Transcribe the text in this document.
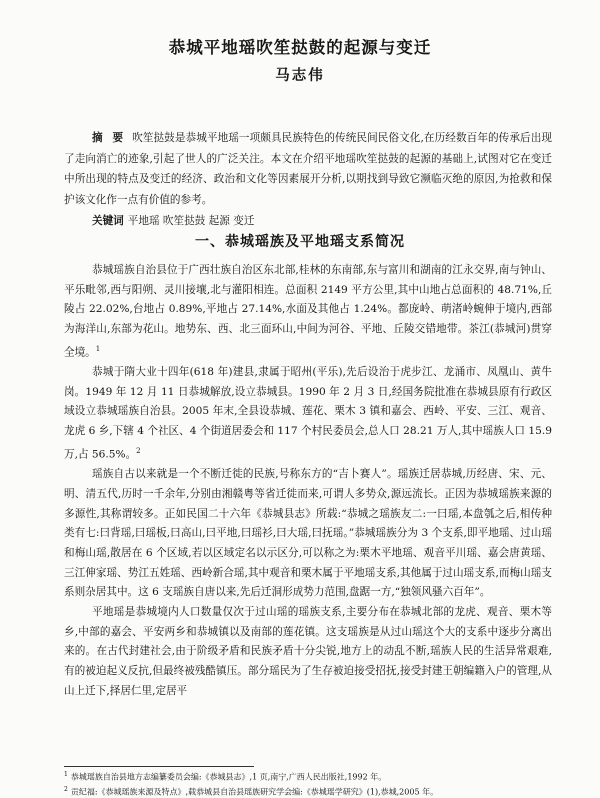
恭城平地瑶吹笙挞鼓的起源与变迁
马志伟
摘 要 吹笙挞鼓是恭城平地瑶一项颇具民族特色的传统民间民俗文化,在历经数百年的传承后出现了走向消亡的迹象,引起了世人的广泛关注。本文在介绍平地瑶吹笙挞鼓的起源的基础上,试图对它在变迁中所出现的特点及变迁的经济、政治和文化等因素展开分析,以期找到导致它濒临灭绝的原因,为抢救和保护该文化作一点有价值的参考。
关键词 平地瑶 吹笙挞鼓 起源 变迁
一、恭城瑶族及平地瑶支系简况

恭城瑶族自治县位于广西壮族自治区东北部,桂林的东南部,东与富川和湖南的江永交界,南与钟山、平乐毗邻,西与阳朔、灵川接壤,北与灌阳相连。总面积 2149 平方公里,其中山地占总面积的 48.71%,丘陵占 22.02%,台地占 0.89%,平地占 27.14%,水面及其他占 1.24%。都庞岭、萌渚岭蜿伸于境内,西部为海洋山,东部为花山。地势东、西、北三面环山,中间为河谷、平地、丘陵交错地带。茶江(恭城河)贯穿全境。$^1$

恭城于隋大业十四年(618 年)建县,隶属于昭州(平乐),先后设治于虎步江、龙涌市、凤凰山、黄牛岗。1949 年 12 月 11 日恭城解放,设立恭城县。1990 年 2 月 3 日,经国务院批准在恭城县原有行政区域设立恭城瑶族自治县。2005 年末,全县设恭城、莲花、栗木 3 镇和嘉会、西岭、平安、三江、观音、龙虎 6 乡,下辖 4 个社区、4 个街道居委会和 117 个村民委员会,总人口 28.21 万人,其中瑶族人口 15.9 万,占 56.5%。$^2$

瑶族自古以来就是一个不断迁徙的民族,号称东方的“吉卜赛人”。瑶族迁居恭城,历经唐、宋、元、明、清五代,历时一千余年,分别由湘赣粤等省迁徙而来,可谓人多势众,源远流长。正因为恭城瑶族来源的多源性,其称谓较多。正如民国二十六年《恭城县志》所载:“恭城之瑶族友二:一曰瑶,本盘瓠之后,相传种类有七:曰背瑶,曰瑶板,曰高山,曰平地,曰瑶衫,曰大瑶,曰抚瑶。”恭城瑶族分为 3 个支系,即平地瑶、过山瑶和梅山瑶,散居在 6 个区域,若以区域定名以示区分,可以称之为:栗木平地瑶、观音平川瑶、嘉会唐黄瑶、三江伸家瑶、势江五姓瑶、西岭新合瑶,其中观音和栗木属于平地瑶支系,其他属于过山瑶支系,而梅山瑶支系则杂居其中。这 6 支瑶族自唐以来,先后迁洞形成势力范围,盘踞一方,“独领风骚六百年”。

平地瑶是恭城境内人口数量仅次于过山瑶的瑶族支系,主要分布在恭城北部的龙虎、观音、栗木等乡,中部的嘉会、平安两乡和恭城镇以及南部的莲花镇。这支瑶族是从过山瑶这个大的支系中逐步分离出来的。在古代封建社会,由于阶级矛盾和民族矛盾十分尖锐,地方上的动乱不断,瑶族人民的生活异常艰难,有的被迫起义反抗,但最终被残酷镇压。部分瑶民为了生存被迫接受招抚,接受封建王朝编籍入户的管理,从山上迁下,择居仁里,定居平

$^1$ 恭城瑶族自治县地方志编纂委员会编:《恭城县志》,1 页,南宁,广西人民出版社,1992 年。
$^2$ 贡纪福:《恭城瑶族来源及特点》,载恭城县自治县瑶族研究学会编:《恭城瑶学研究》(1),恭城,2005 年。
